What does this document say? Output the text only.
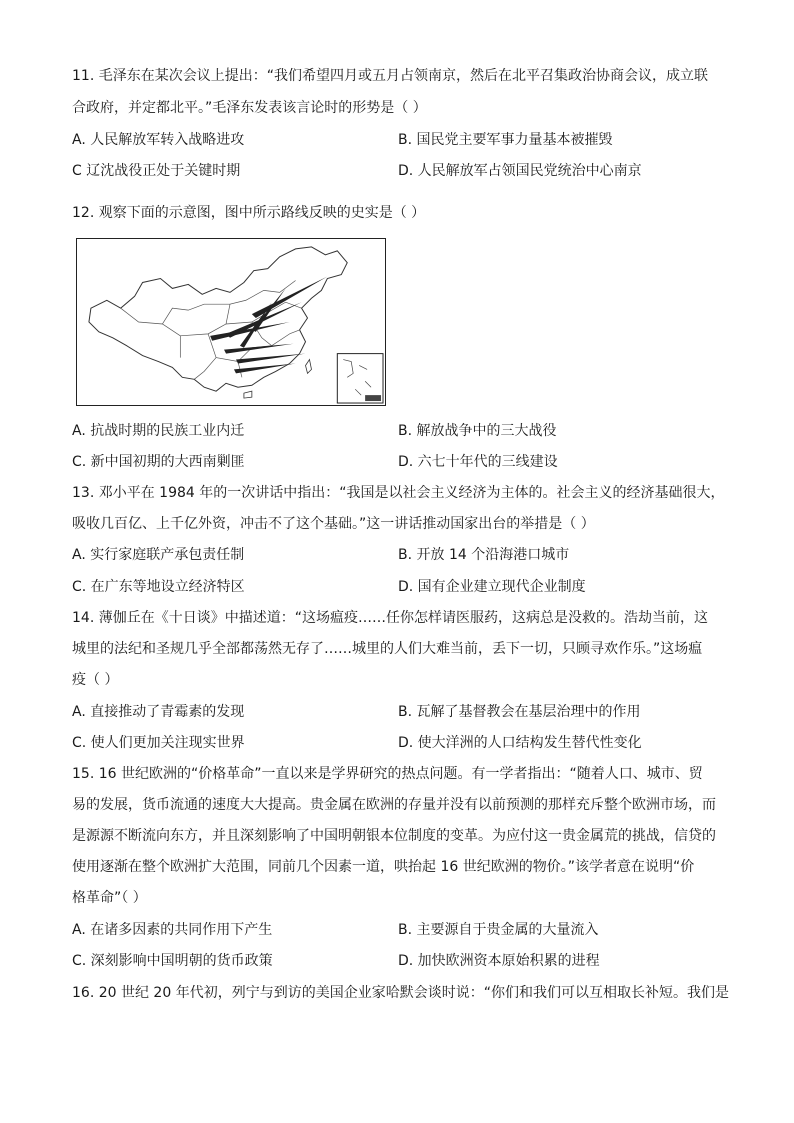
11. 毛泽东在某次会议上提出：“我们希望四月或五月占领南京，然后在北平召集政治协商会议，成立联
合政府，并定都北平。”毛泽东发表该言论时的形势是（ ）
A. 人民解放军转入战略进攻	B. 国民党主要军事力量基本被摧毁
C 辽沈战役正处于关键时期	D. 人民解放军占领国民党统治中心南京
12. 观察下面的示意图，图中所示路线反映的史实是（ ）
A. 抗战时期的民族工业内迁	B. 解放战争中的三大战役
C. 新中国初期的大西南剿匪	D. 六七十年代的三线建设
13. 邓小平在 1984 年的一次讲话中指出：“我国是以社会主义经济为主体的。社会主义的经济基础很大，
吸收几百亿、上千亿外资，冲击不了这个基础。”这一讲话推动国家出台的举措是（ ）
A. 实行家庭联产承包责任制	B. 开放 14 个沿海港口城市
C. 在广东等地设立经济特区	D. 国有企业建立现代企业制度
14. 薄伽丘在《十日谈》中描述道：“这场瘟疫……任你怎样请医服药，这病总是没救的。浩劫当前，这
城里的法纪和圣规几乎全部都荡然无存了……城里的人们大难当前，丢下一切，只顾寻欢作乐。”这场瘟
疫（ ）
A. 直接推动了青霉素的发现	B. 瓦解了基督教会在基层治理中的作用
C. 使人们更加关注现实世界	D. 使大洋洲的人口结构发生替代性变化
15. 16 世纪欧洲的“价格革命”一直以来是学界研究的热点问题。有一学者指出：“随着人口、城市、贸
易的发展，货币流通的速度大大提高。贵金属在欧洲的存量并没有以前预测的那样充斥整个欧洲市场，而
是源源不断流向东方，并且深刻影响了中国明朝银本位制度的变革。为应付这一贵金属荒的挑战，信贷的
使用逐渐在整个欧洲扩大范围，同前几个因素一道，哄抬起 16 世纪欧洲的物价。”该学者意在说明“价
格革命”（ ）
A. 在诸多因素的共同作用下产生	B. 主要源自于贵金属的大量流入
C. 深刻影响中国明朝的货币政策	D. 加快欧洲资本原始积累的进程
16. 20 世纪 20 年代初，列宁与到访的美国企业家哈默会谈时说：“你们和我们可以互相取长补短。我们是
